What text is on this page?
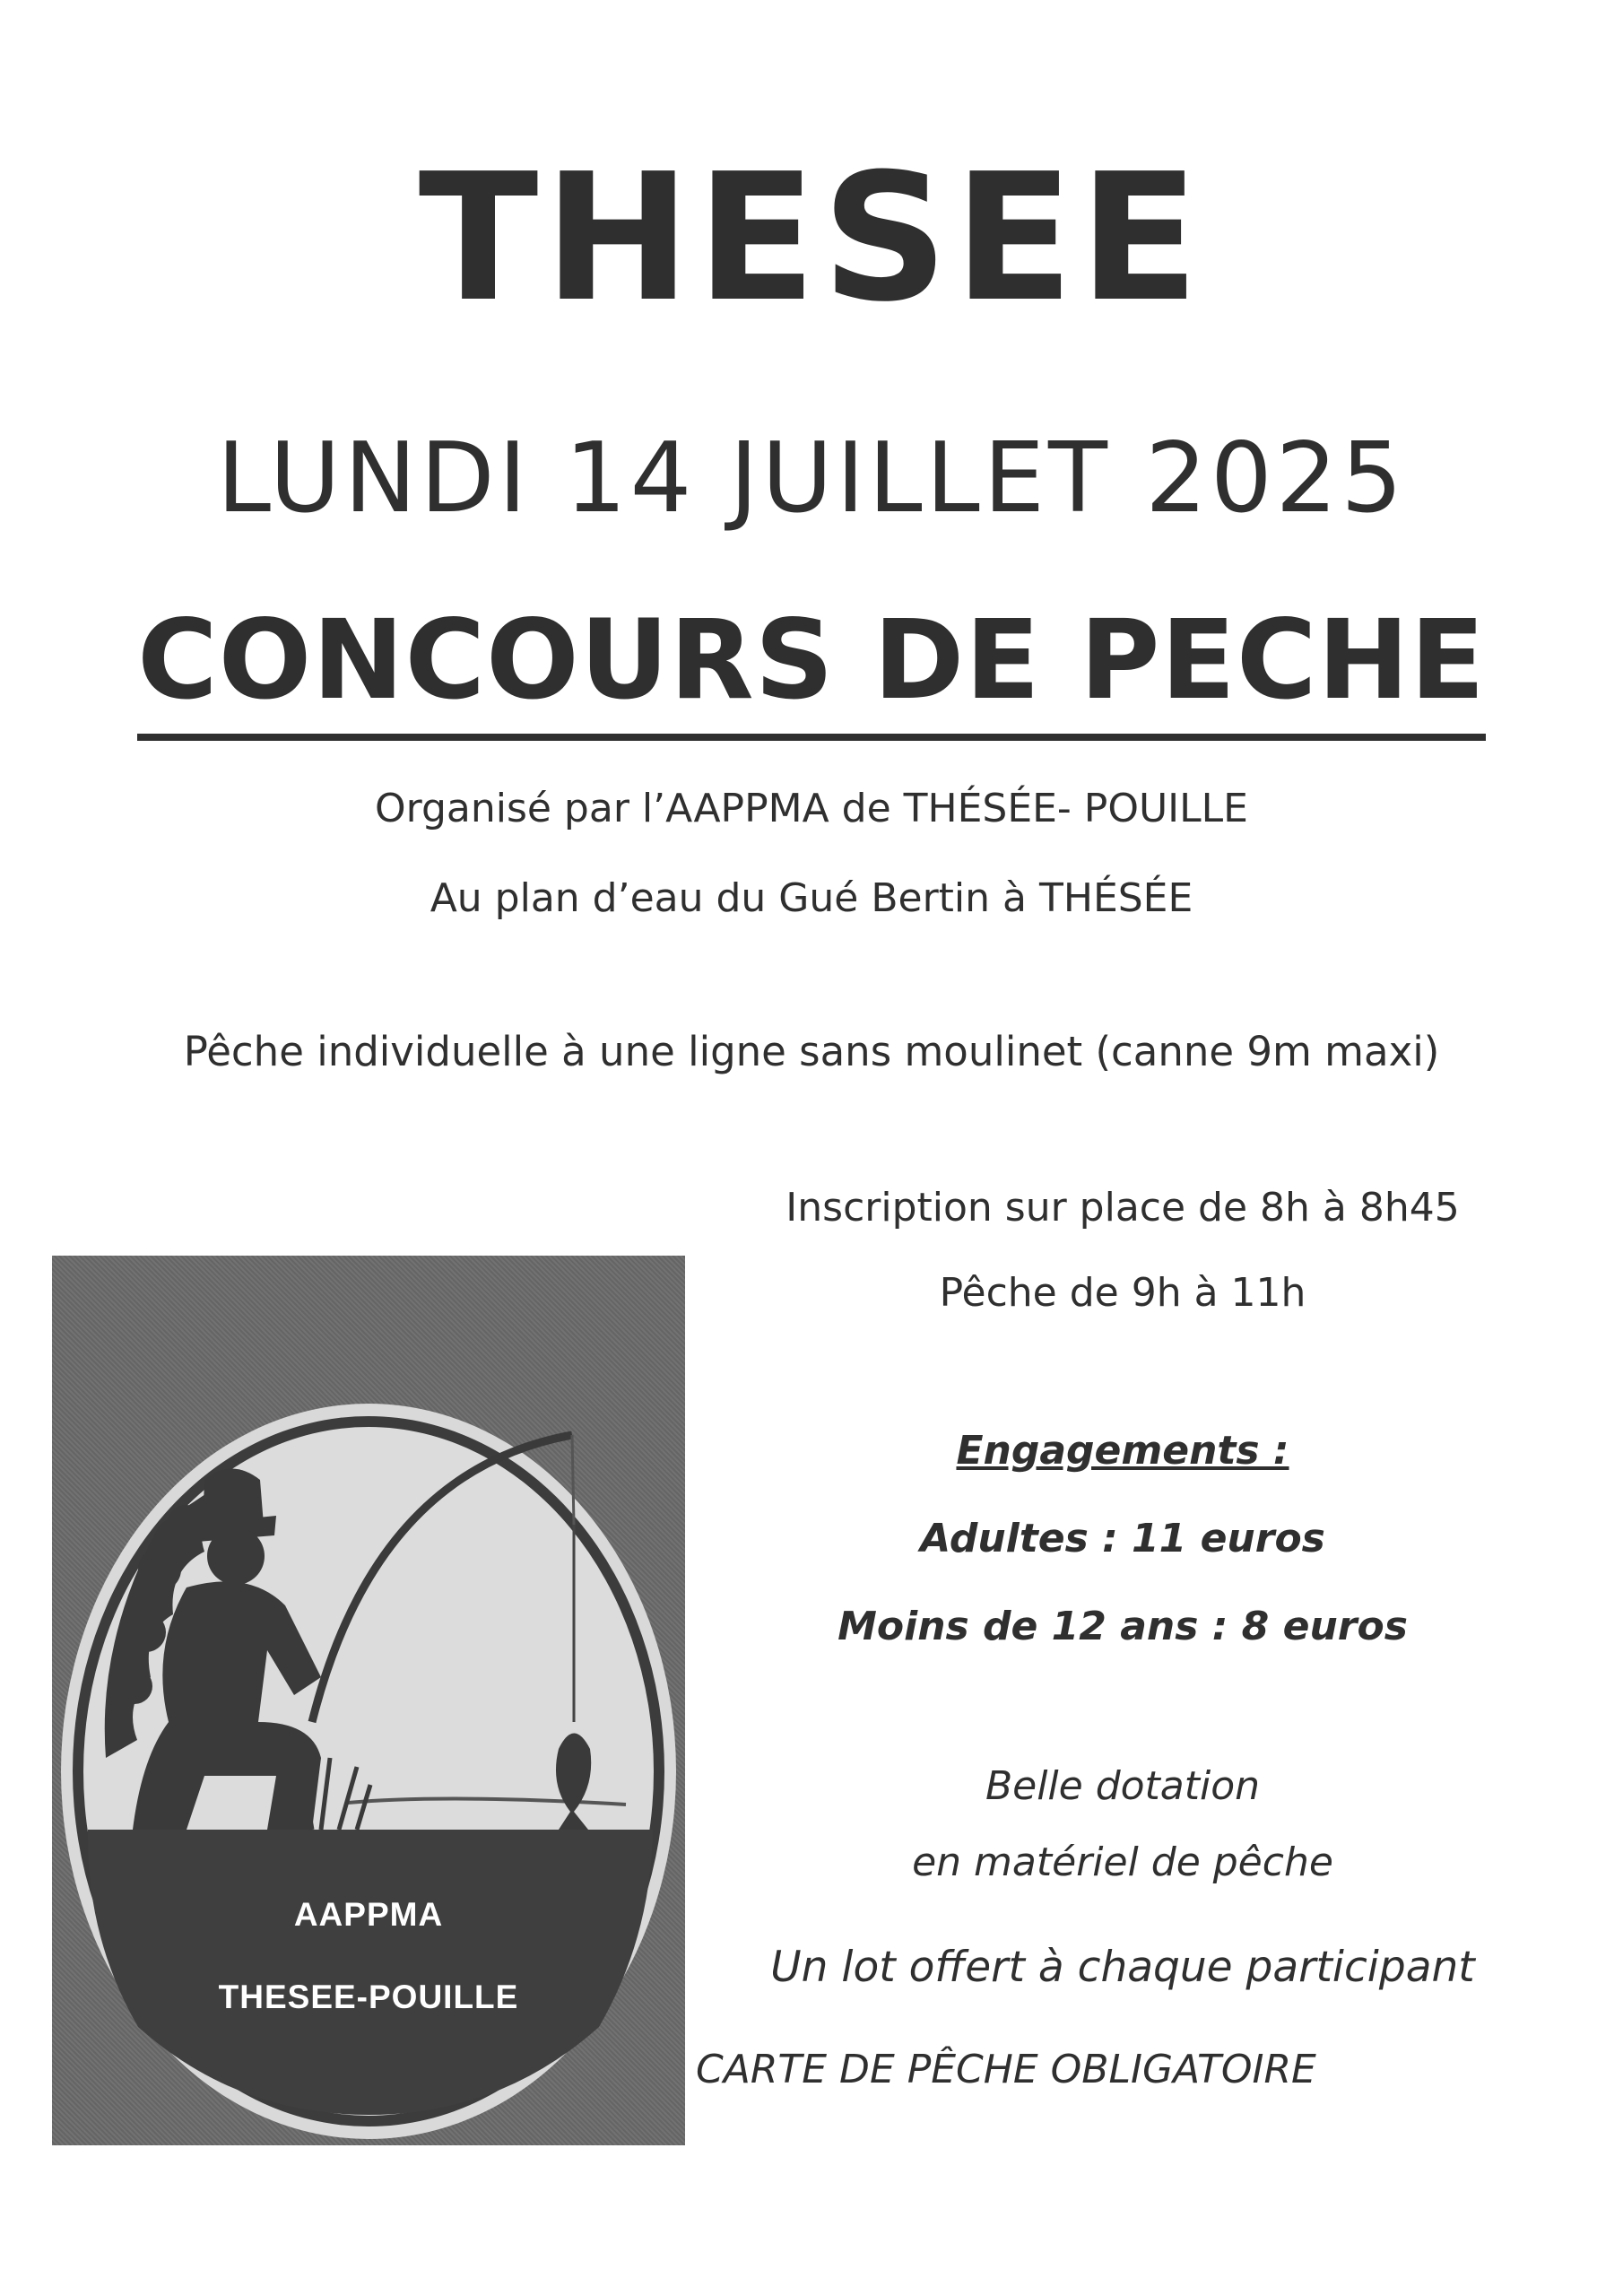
THESEE
LUNDI 14 JUILLET 2025
CONCOURS DE PECHE
Organisé par l’AAPPMA de THÉSÉE- POUILLE
Au plan d’eau du Gué Bertin à THÉSÉE
Pêche individuelle à une ligne sans moulinet (canne 9m maxi)
Inscription sur place de 8h à 8h45
Pêche de 9h à 11h
Engagements :
Adultes : 11 euros
Moins de 12 ans : 8 euros
Belle dotation
en matériel de pêche
Un lot offert à chaque participant
CARTE DE PÊCHE OBLIGATOIRE
AAPPMA
THESEE-POUILLE
